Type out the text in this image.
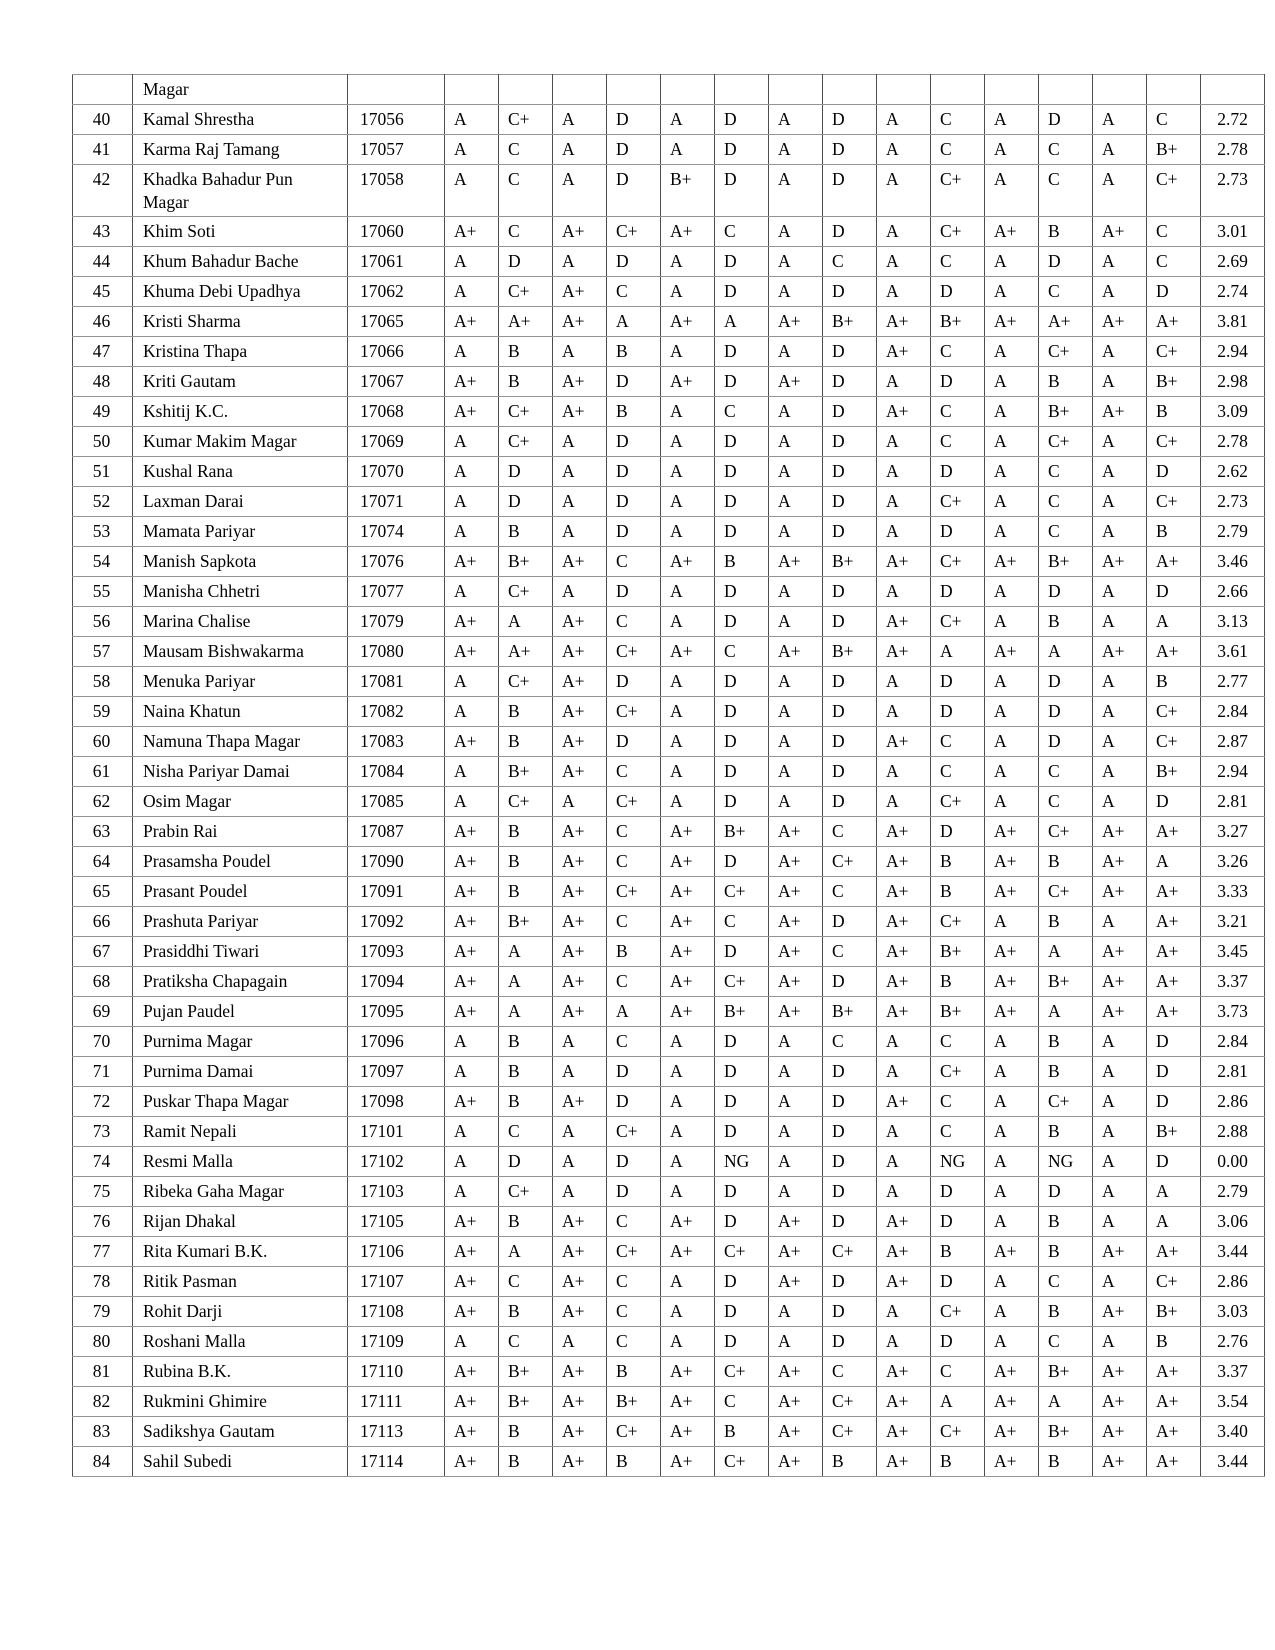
	Magar																
40	Kamal Shrestha	17056	A	C+	A	D	A	D	A	D	A	C	A	D	A	C	2.72
41	Karma Raj Tamang	17057	A	C	A	D	A	D	A	D	A	C	A	C	A	B+	2.78
42	Khadka Bahadur Pun Magar	17058	A	C	A	D	B+	D	A	D	A	C+	A	C	A	C+	2.73
43	Khim Soti	17060	A+	C	A+	C+	A+	C	A	D	A	C+	A+	B	A+	C	3.01
44	Khum Bahadur Bache	17061	A	D	A	D	A	D	A	C	A	C	A	D	A	C	2.69
45	Khuma Debi Upadhya	17062	A	C+	A+	C	A	D	A	D	A	D	A	C	A	D	2.74
46	Kristi Sharma	17065	A+	A+	A+	A	A+	A	A+	B+	A+	B+	A+	A+	A+	A+	3.81
47	Kristina Thapa	17066	A	B	A	B	A	D	A	D	A+	C	A	C+	A	C+	2.94
48	Kriti Gautam	17067	A+	B	A+	D	A+	D	A+	D	A	D	A	B	A	B+	2.98
49	Kshitij K.C.	17068	A+	C+	A+	B	A	C	A	D	A+	C	A	B+	A+	B	3.09
50	Kumar Makim Magar	17069	A	C+	A	D	A	D	A	D	A	C	A	C+	A	C+	2.78
51	Kushal Rana	17070	A	D	A	D	A	D	A	D	A	D	A	C	A	D	2.62
52	Laxman Darai	17071	A	D	A	D	A	D	A	D	A	C+	A	C	A	C+	2.73
53	Mamata Pariyar	17074	A	B	A	D	A	D	A	D	A	D	A	C	A	B	2.79
54	Manish Sapkota	17076	A+	B+	A+	C	A+	B	A+	B+	A+	C+	A+	B+	A+	A+	3.46
55	Manisha Chhetri	17077	A	C+	A	D	A	D	A	D	A	D	A	D	A	D	2.66
56	Marina Chalise	17079	A+	A	A+	C	A	D	A	D	A+	C+	A	B	A	A	3.13
57	Mausam Bishwakarma	17080	A+	A+	A+	C+	A+	C	A+	B+	A+	A	A+	A	A+	A+	3.61
58	Menuka Pariyar	17081	A	C+	A+	D	A	D	A	D	A	D	A	D	A	B	2.77
59	Naina Khatun	17082	A	B	A+	C+	A	D	A	D	A	D	A	D	A	C+	2.84
60	Namuna Thapa Magar	17083	A+	B	A+	D	A	D	A	D	A+	C	A	D	A	C+	2.87
61	Nisha Pariyar Damai	17084	A	B+	A+	C	A	D	A	D	A	C	A	C	A	B+	2.94
62	Osim Magar	17085	A	C+	A	C+	A	D	A	D	A	C+	A	C	A	D	2.81
63	Prabin Rai	17087	A+	B	A+	C	A+	B+	A+	C	A+	D	A+	C+	A+	A+	3.27
64	Prasamsha Poudel	17090	A+	B	A+	C	A+	D	A+	C+	A+	B	A+	B	A+	A	3.26
65	Prasant Poudel	17091	A+	B	A+	C+	A+	C+	A+	C	A+	B	A+	C+	A+	A+	3.33
66	Prashuta Pariyar	17092	A+	B+	A+	C	A+	C	A+	D	A+	C+	A	B	A	A+	3.21
67	Prasiddhi Tiwari	17093	A+	A	A+	B	A+	D	A+	C	A+	B+	A+	A	A+	A+	3.45
68	Pratiksha Chapagain	17094	A+	A	A+	C	A+	C+	A+	D	A+	B	A+	B+	A+	A+	3.37
69	Pujan Paudel	17095	A+	A	A+	A	A+	B+	A+	B+	A+	B+	A+	A	A+	A+	3.73
70	Purnima Magar	17096	A	B	A	C	A	D	A	C	A	C	A	B	A	D	2.84
71	Purnima Damai	17097	A	B	A	D	A	D	A	D	A	C+	A	B	A	D	2.81
72	Puskar Thapa Magar	17098	A+	B	A+	D	A	D	A	D	A+	C	A	C+	A	D	2.86
73	Ramit Nepali	17101	A	C	A	C+	A	D	A	D	A	C	A	B	A	B+	2.88
74	Resmi Malla	17102	A	D	A	D	A	NG	A	D	A	NG	A	NG	A	D	0.00
75	Ribeka Gaha Magar	17103	A	C+	A	D	A	D	A	D	A	D	A	D	A	A	2.79
76	Rijan Dhakal	17105	A+	B	A+	C	A+	D	A+	D	A+	D	A	B	A	A	3.06
77	Rita Kumari B.K.	17106	A+	A	A+	C+	A+	C+	A+	C+	A+	B	A+	B	A+	A+	3.44
78	Ritik Pasman	17107	A+	C	A+	C	A	D	A+	D	A+	D	A	C	A	C+	2.86
79	Rohit Darji	17108	A+	B	A+	C	A	D	A	D	A	C+	A	B	A+	B+	3.03
80	Roshani Malla	17109	A	C	A	C	A	D	A	D	A	D	A	C	A	B	2.76
81	Rubina B.K.	17110	A+	B+	A+	B	A+	C+	A+	C	A+	C	A+	B+	A+	A+	3.37
82	Rukmini Ghimire	17111	A+	B+	A+	B+	A+	C	A+	C+	A+	A	A+	A	A+	A+	3.54
83	Sadikshya Gautam	17113	A+	B	A+	C+	A+	B	A+	C+	A+	C+	A+	B+	A+	A+	3.40
84	Sahil Subedi	17114	A+	B	A+	B	A+	C+	A+	B	A+	B	A+	B	A+	A+	3.44
